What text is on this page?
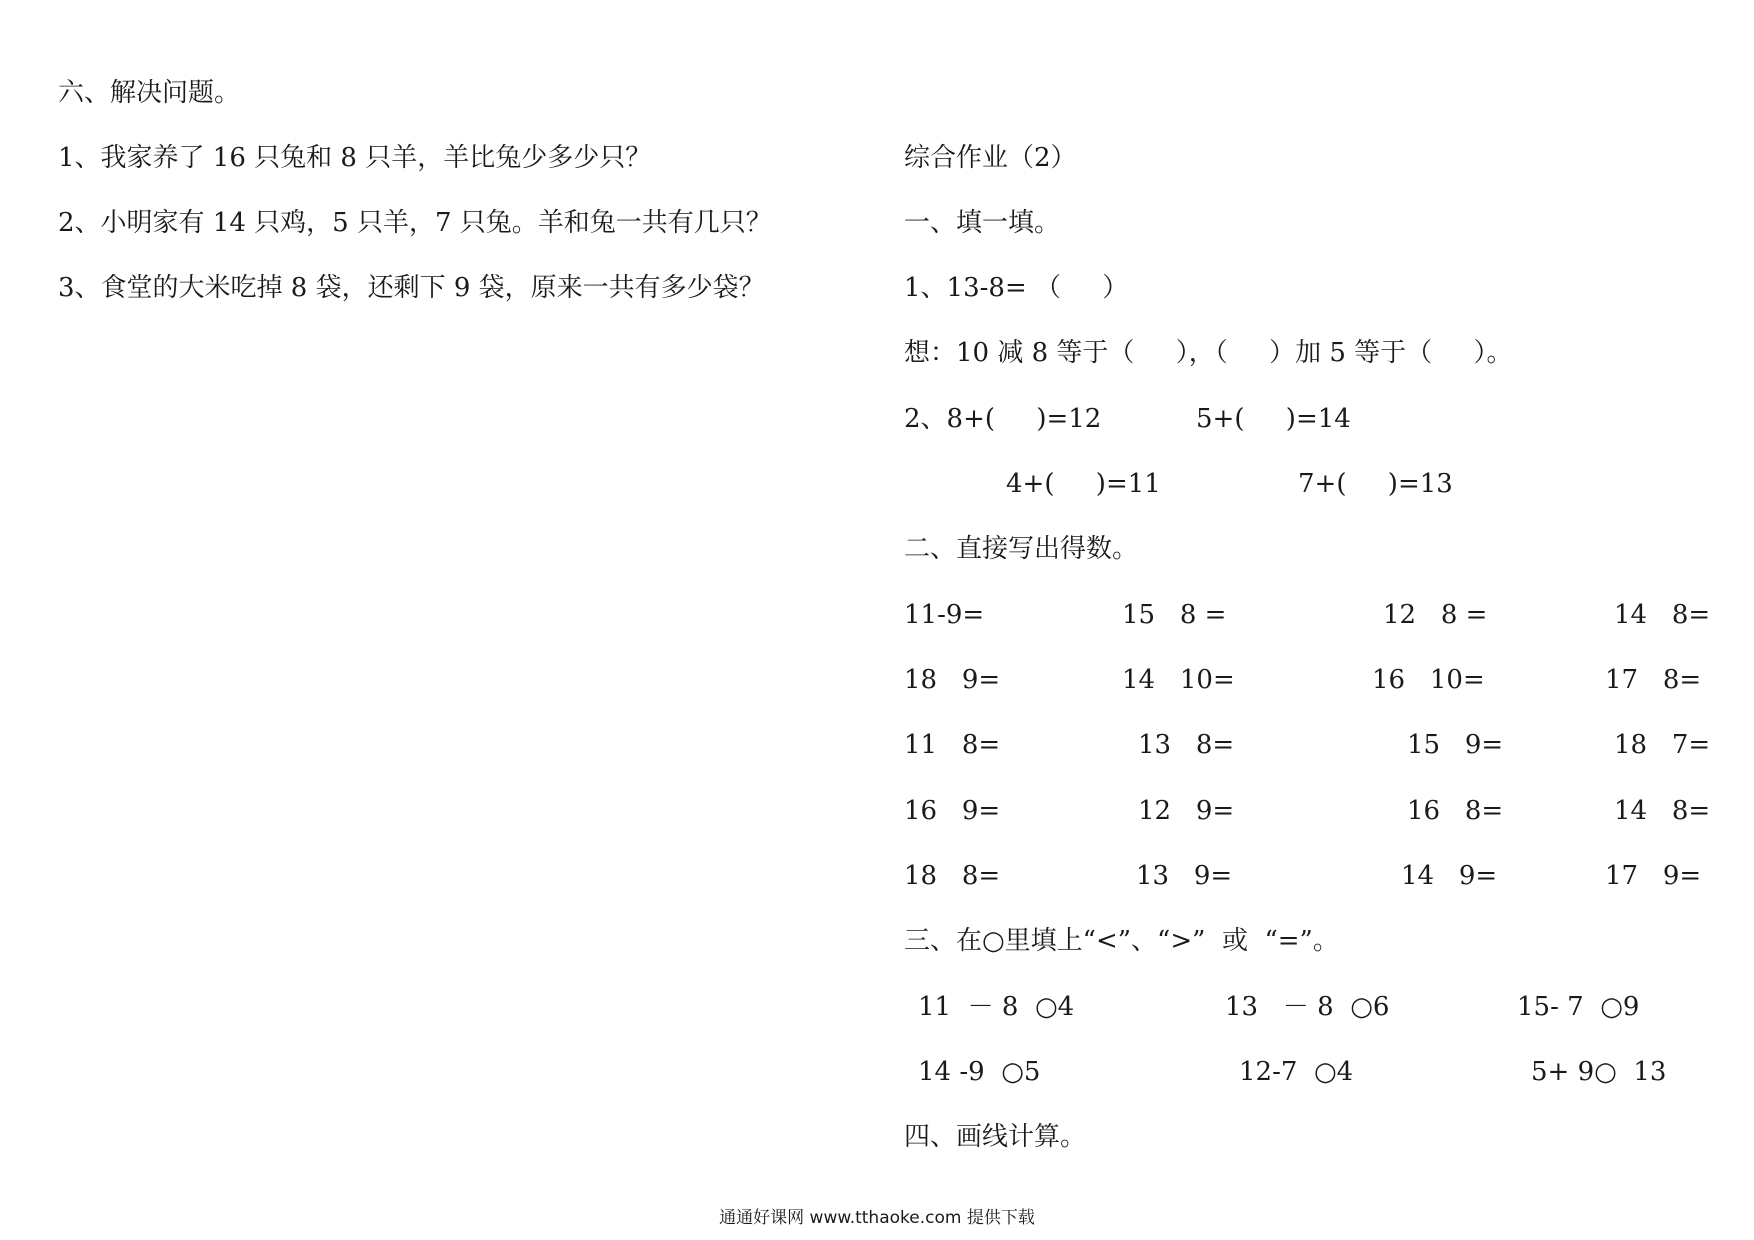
六、解决问题。
1、我家养了 16 只兔和 8 只羊，羊比兔少多少只？
2、小明家有 14 只鸡，5 只羊，7 只兔。羊和兔一共有几只？
3、食堂的大米吃掉 8 袋，还剩下 9 袋，原来一共有多少袋？
综合作业（2）
一、填一填。
1、13-8= （     ）
想：10 减 8 等于（     ），（     ）加 5 等于（     ）。
2、8+(     )=12	5+(     )=14
4+(     )=11	7+(     )=13
二、直接写出得数。
11-9=	15   8 =	12   8 =	14   8=
18   9=	14   10=	16   10=	17   8=
11   8=	13   8=	15   9=	18   7=
16   9=	12   9=	16   8=	14   8=
18   8=	13   9=	14   9=	17   9=
三、在○里填上“<”、“>”  或  “=”。
11  － 8  ○4	13   － 8  ○6	15- 7  ○9
14 -9  ○5	12-7  ○4	5+ 9○  13
四、画线计算。
通通好课网 www.tthaoke.com 提供下载
